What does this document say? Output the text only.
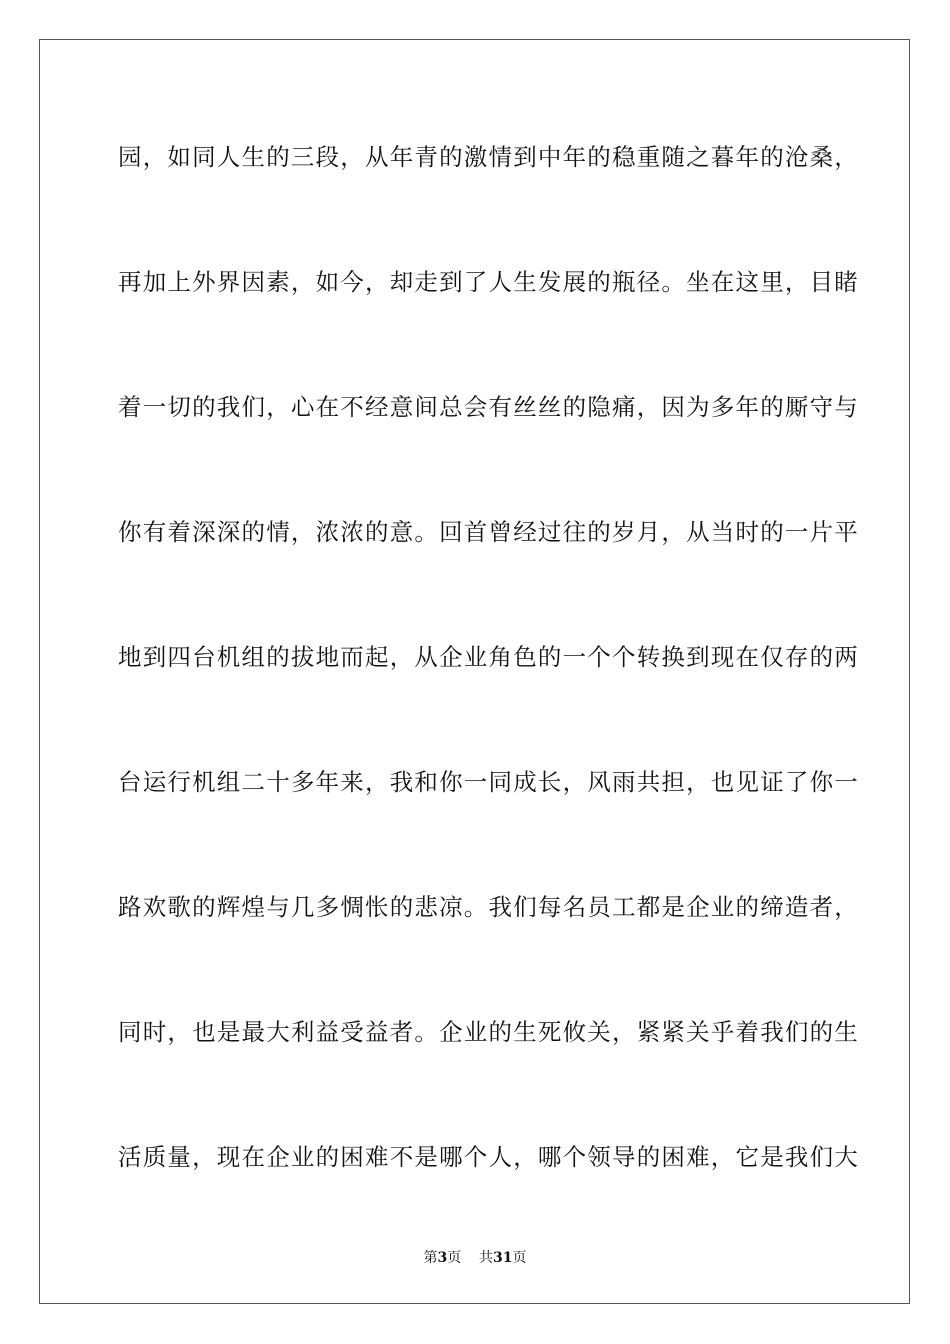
园，如同人生的三段，从年青的激情到中年的稳重随之暮年的沧桑，
再加上外界因素，如今，却走到了人生发展的瓶径。坐在这里，目睹
着一切的我们，心在不经意间总会有丝丝的隐痛，因为多年的厮守与
你有着深深的情，浓浓的意。回首曾经过往的岁月，从当时的一片平
地到四台机组的拔地而起，从企业角色的一个个转换到现在仅存的两
台运行机组二十多年来，我和你一同成长，风雨共担，也见证了你一
路欢歌的辉煌与几多惆怅的悲凉。我们每名员工都是企业的缔造者，
同时，也是最大利益受益者。企业的生死攸关，紧紧关乎着我们的生
活质量，现在企业的困难不是哪个人，哪个领导的困难，它是我们大
第3页 共31页
